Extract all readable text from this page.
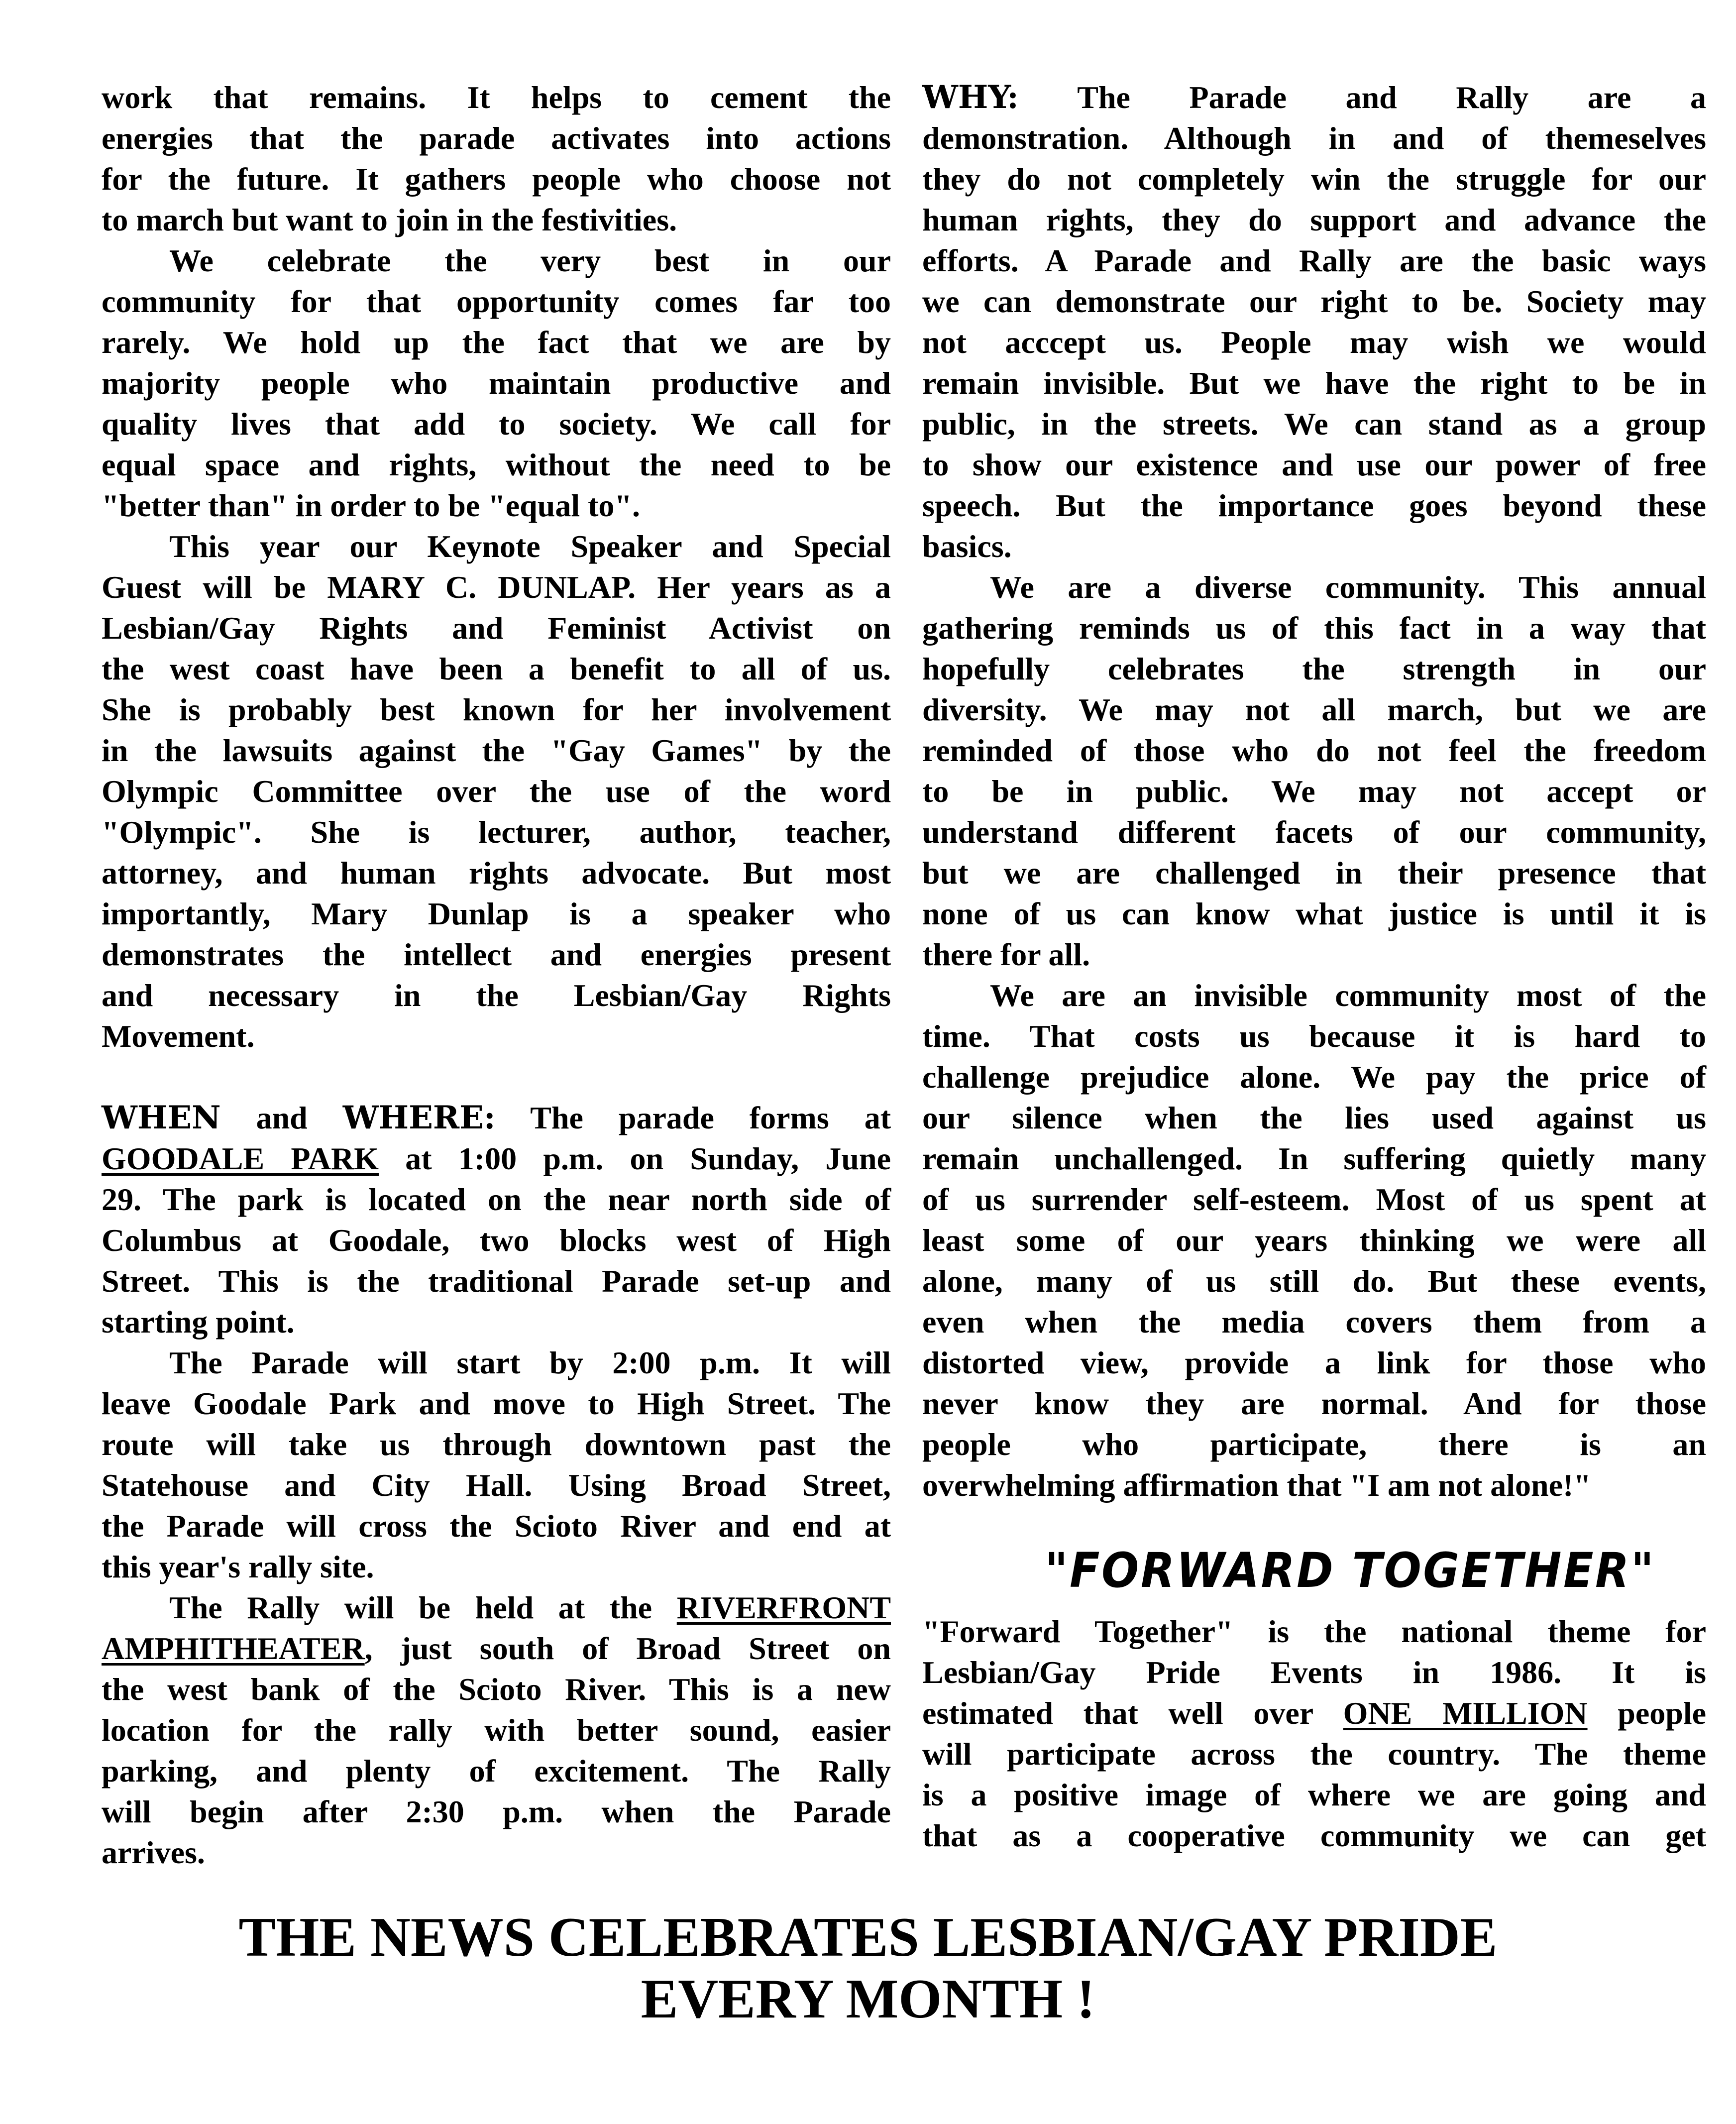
work that remains. It helps to cement the
energies that the parade activates into actions
for the future. It gathers people who choose not
to march but want to join in the festivities.
We celebrate the very best in our
community for that opportunity comes far too
rarely. We hold up the fact that we are by
majority people who maintain productive and
quality lives that add to society. We call for
equal space and rights, without the need to be
"better than" in order to be "equal to".
This year our Keynote Speaker and Special
Guest will be MARY C. DUNLAP. Her years as a
Lesbian/Gay Rights and Feminist Activist on
the west coast have been a benefit to all of us.
She is probably best known for her involvement
in the lawsuits against the "Gay Games" by the
Olympic Committee over the use of the word
"Olympic". She is lecturer, author, teacher,
attorney, and human rights advocate. But most
importantly, Mary Dunlap is a speaker who
demonstrates the intellect and energies present
and necessary in the Lesbian/Gay Rights
Movement.
WHEN and WHERE: The parade forms at
GOODALE PARK at 1:00 p.m. on Sunday, June
29. The park is located on the near north side of
Columbus at Goodale, two blocks west of High
Street. This is the traditional Parade set-up and
starting point.
The Parade will start by 2:00 p.m. It will
leave Goodale Park and move to High Street. The
route will take us through downtown past the
Statehouse and City Hall. Using Broad Street,
the Parade will cross the Scioto River and end at
this year's rally site.
The Rally will be held at the RIVERFRONT
AMPHITHEATER, just south of Broad Street on
the west bank of the Scioto River. This is a new
location for the rally with better sound, easier
parking, and plenty of excitement. The Rally
will begin after 2:30 p.m. when the Parade
arrives.
WHY: The Parade and Rally are a
demonstration. Although in and of themeselves
they do not completely win the struggle for our
human rights, they do support and advance the
efforts. A Parade and Rally are the basic ways
we can demonstrate our right to be. Society may
not acccept us. People may wish we would
remain invisible. But we have the right to be in
public, in the streets. We can stand as a group
to show our existence and use our power of free
speech. But the importance goes beyond these
basics.
We are a diverse community. This annual
gathering reminds us of this fact in a way that
hopefully celebrates the strength in our
diversity. We may not all march, but we are
reminded of those who do not feel the freedom
to be in public. We may not accept or
understand different facets of our community,
but we are challenged in their presence that
none of us can know what justice is until it is
there for all.
We are an invisible community most of the
time. That costs us because it is hard to
challenge prejudice alone. We pay the price of
our silence when the lies used against us
remain unchallenged. In suffering quietly many
of us surrender self-esteem. Most of us spent at
least some of our years thinking we were all
alone, many of us still do. But these events,
even when the media covers them from a
distorted view, provide a link for those who
never know they are normal. And for those
people who participate, there is an
overwhelming affirmation that "I am not alone!"
"FORWARD TOGETHER"
"Forward Together" is the national theme for
Lesbian/Gay Pride Events in 1986. It is
estimated that well over ONE MILLION people
will participate across the country. The theme
is a positive image of where we are going and
that as a cooperative community we can get
THE NEWS CELEBRATES LESBIAN/GAY PRIDE
EVERY MONTH !
